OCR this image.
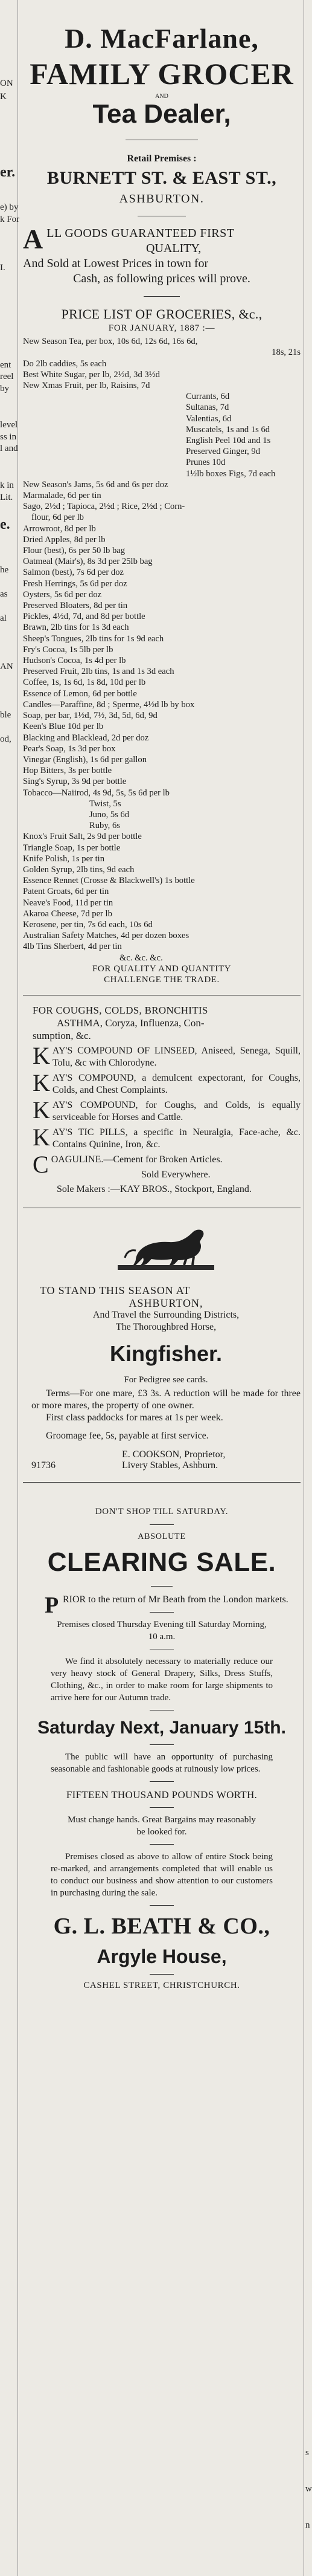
ON
K
er.
e) by
k For
I.
ent
reel
by
level
ss in
l and
k in
Lit.
e.
he
as
al
AN
ble
od,
s
w
n
D. MacFarlane,
FAMILY GROCER
AND
Tea Dealer,
Retail Premises :
BURNETT ST. & EAST ST.,
ASHBURTON.
A LL GOODS GUARANTEED FIRST
QUALITY,
And Sold at Lowest Prices in town for
Cash, as following prices will prove.
PRICE LIST OF GROCERIES, &c.,
FOR JANUARY, 1887 :—
New Season Tea, per box, 10s 6d, 12s 6d, 16s 6d,
18s, 21s
Do 2lb caddies, 5s each
Best White Sugar, per lb, 2½d, 3d 3½d
New Xmas Fruit, per lb, Raisins, 7d
Currants, 6d
Sultanas, 7d
Valentias, 6d
Muscatels, 1s and 1s 6d
English Peel 10d and 1s
Preserved Ginger, 9d
Prunes 10d
1½lb boxes Figs, 7d each
New Season's Jams, 5s 6d and 6s per doz
Marmalade, 6d per tin
Sago, 2½d ; Tapioca, 2½d ; Rice, 2½d ; Corn-
flour, 6d per lb
Arrowroot, 8d per lb
Dried Apples, 8d per lb
Flour (best), 6s per 50 lb bag
Oatmeal (Mair's), 8s 3d per 25lb bag
Salmon (best), 7s 6d per doz
Fresh Herrings, 5s 6d per doz
Oysters, 5s 6d per doz
Preserved Bloaters, 8d per tin
Pickles, 4½d, 7d, and 8d per bottle
Brawn, 2lb tins for 1s 3d each
Sheep's Tongues, 2lb tins for 1s 9d each
Fry's Cocoa, 1s 5lb per lb
Hudson's Cocoa, 1s 4d per lb
Preserved Fruit, 2lb tins, 1s and 1s 3d each
Coffee, 1s, 1s 6d, 1s 8d, 10d per lb
Essence of Lemon, 6d per bottle
Candles—Paraffine, 8d ; Sperme, 4½d lb by box
Soap, per bar, 1½d, 7½, 3d, 5d, 6d, 9d
Keen's Blue 10d per lb
Blacking and Blacklead, 2d per doz
Pear's Soap, 1s 3d per box
Vinegar (English), 1s 6d per gallon
Hop Bitters, 3s per bottle
Sing's Syrup, 3s 9d per bottle
Tobacco—Naiirod, 4s 9d, 5s, 5s 6d per lb
Twist, 5s
Juno, 5s 6d
Ruby, 6s
Knox's Fruit Salt, 2s 9d per bottle
Triangle Soap, 1s per bottle
Knife Polish, 1s per tin
Golden Syrup, 2lb tins, 9d each
Essence Rennet (Crosse & Blackwell's) 1s bottle
Patent Groats, 6d per tin
Neave's Food, 11d per tin
Akaroa Cheese, 7d per lb
Kerosene, per tin, 7s 6d each, 10s 6d
Australian Safety Matches, 4d per dozen boxes
4lb Tins Sherbert, 4d per tin
&c. &c. &c.
FOR QUALITY AND QUANTITY
CHALLENGE THE TRADE.
FOR COUGHS, COLDS, BRONCHITIS
ASTHMA, Coryza, Influenza, Con-
sumption, &c.
K AY'S COMPOUND OF LINSEED, Aniseed, Senega, Squill, Tolu, &c with Chlorodyne.
K AY'S COMPOUND, a demulcent expectorant, for Coughs, Colds, and Chest Complaints.
K AY'S COMPOUND, for Coughs, and Colds, is equally serviceable for Horses and Cattle.
K AY'S TIC PILLS, a specific in Neuralgia, Face-ache, &c. Contains Quinine, Iron, &c.
C OAGULINE.—Cement for Broken Articles.
Sold Everywhere.
Sole Makers :—KAY BROS., Stockport, England.
TO STAND THIS SEASON AT
ASHBURTON,
And Travel the Surrounding Districts,
The Thoroughbred Horse,
Kingfisher.
For Pedigree see cards.
Terms—For one mare, £3 3s. A reduction will be made for three or more mares, the property of one owner.
First class paddocks for mares at 1s per week.
Groomage fee, 5s, payable at first service.
E. COOKSON, Proprietor,
91736	Livery Stables, Ashburn.
DON'T SHOP TILL SATURDAY.
ABSOLUTE
CLEARING SALE.
P RIOR to the return of Mr Beath from the London markets.
Premises closed Thursday Evening till Saturday Morning, 10 a.m.
We find it absolutely necessary to materially reduce our very heavy stock of General Drapery, Silks, Dress Stuffs, Clothing, &c., in order to make room for large shipments to arrive here for our Autumn trade.
Saturday Next, January 15th.
The public will have an opportunity of purchasing seasonable and fashionable goods at ruinously low prices.
FIFTEEN THOUSAND POUNDS WORTH.
Must change hands. Great Bargains may reasonably be looked for.
Premises closed as above to allow of entire Stock being re-marked, and arrangements completed that will enable us to conduct our business and show attention to our customers in purchasing during the sale.
G. L. BEATH & CO.,
Argyle House,
CASHEL STREET, CHRISTCHURCH.
